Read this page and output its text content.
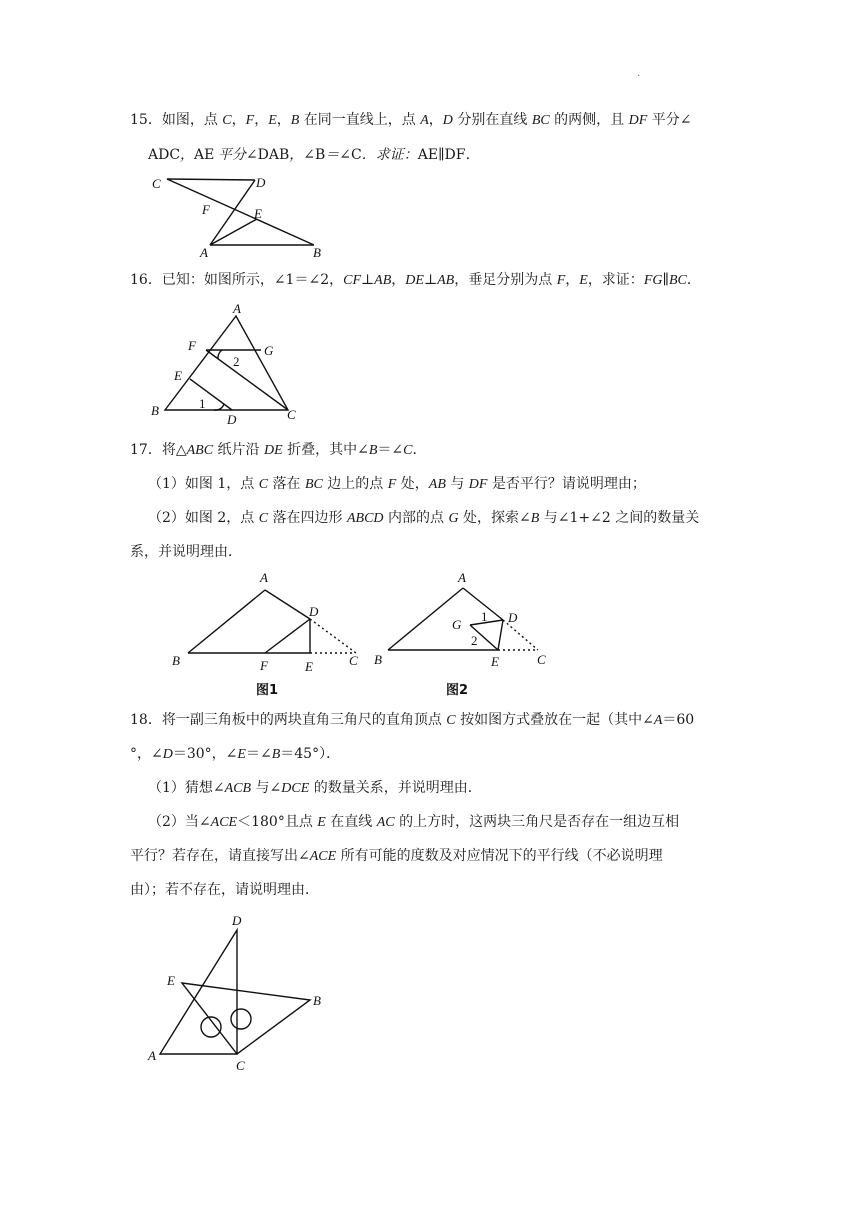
.
15．如图，点 C，F，E，B 在同一直线上，点 A，D 分别在直线 BC 的两侧，且 DF 平分∠
ADC，AE 平分∠DAB，∠B＝∠C．求证：AE∥DF．
C	D
F	E
A	B
16．已知：如图所示，∠1＝∠2，CF⊥AB，DE⊥AB，垂足分别为点 F，E，求证：FG∥BC．
A
F	G
E
B
D	C
1
2
17．将△ABC 纸片沿 DE 折叠，其中∠B＝∠C．
（1）如图 1，点 C 落在 BC 边上的点 F 处，AB 与 DF 是否平行？请说明理由；
（2）如图 2，点 C 落在四边形 ABCD 内部的点 G 处，探索∠B 与∠1+∠2 之间的数量关
系，并说明理由．
A
D
B	F	E	C
图1
A
G	D
1
2
B	E	C
图2
18．将一副三角板中的两块直角三角尺的直角顶点 C 按如图方式叠放在一起（其中∠A＝60
°，∠D＝30°，∠E＝∠B＝45°）．
（1）猜想∠ACB 与∠DCE 的数量关系，并说明理由．
（2）当∠ACE＜180°且点 E 在直线 AC 的上方时，这两块三角尺是否存在一组边互相
平行？若存在，请直接写出∠ACE 所有可能的度数及对应情况下的平行线（不必说明理
由）；若不存在，请说明理由．
D
E
B
A
C
